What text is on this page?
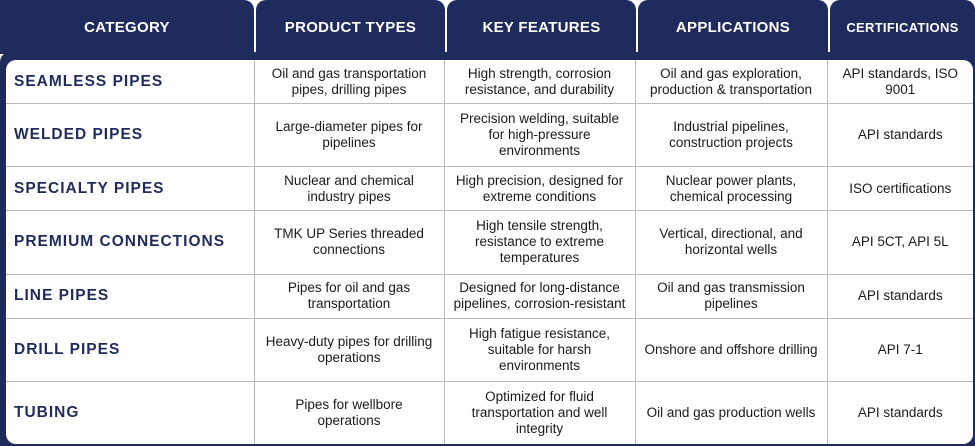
CATEGORY	PRODUCT TYPES	KEY FEATURES	APPLICATIONS	CERTIFICATIONS
SEAMLESS PIPES	Oil and gas transportation pipes, drilling pipes	High strength, corrosion resistance, and durability	Oil and gas exploration, production & transportation	API standards, ISO 9001
WELDED PIPES	Large-diameter pipes for pipelines	Precision welding, suitable for high-pressure environments	Industrial pipelines, construction projects	API standards
SPECIALTY PIPES	Nuclear and chemical industry pipes	High precision, designed for extreme conditions	Nuclear power plants, chemical processing	ISO certifications
PREMIUM CONNECTIONS	TMK UP Series threaded connections	High tensile strength, resistance to extreme temperatures	Vertical, directional, and horizontal wells	API 5CT, API 5L
LINE PIPES	Pipes for oil and gas transportation	Designed for long-distance pipelines, corrosion-resistant	Oil and gas transmission pipelines	API standards
DRILL PIPES	Heavy-duty pipes for drilling operations	High fatigue resistance, suitable for harsh environments	Onshore and offshore drilling	API 7-1
TUBING	Pipes for wellbore operations	Optimized for fluid transportation and well integrity	Oil and gas production wells	API standards
